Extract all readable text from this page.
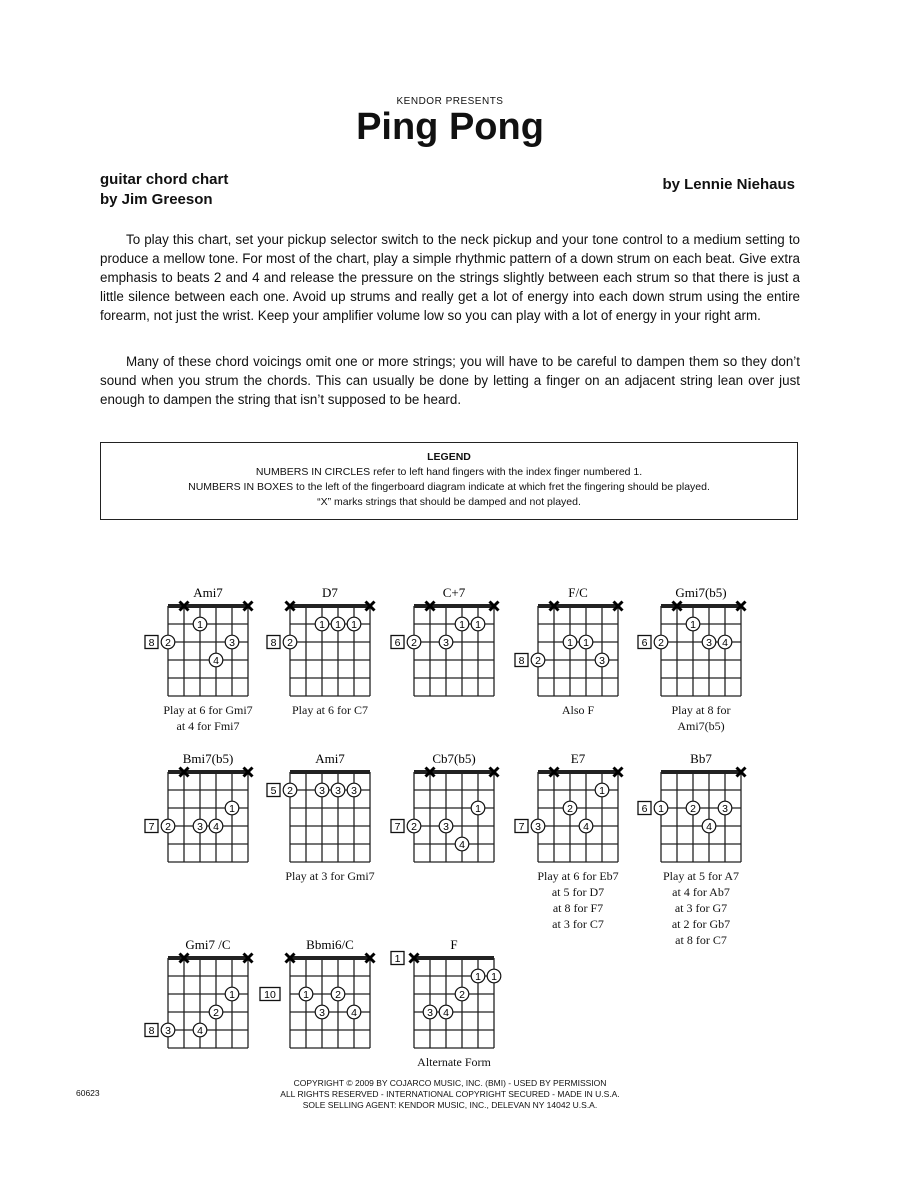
KENDOR PRESENTS
Ping Pong
guitar chord chart
by Jim Greeson
by Lennie Niehaus
To play this chart, set your pickup selector switch to the neck pickup and your tone control to a medium setting to produce a mellow tone. For most of the chart, play a simple rhythmic pattern of a down strum on each beat. Give extra emphasis to beats 2 and 4 and release the pressure on the strings slightly between each strum so that there is just a little silence between each one. Avoid up strums and really get a lot of energy into each down strum using the entire forearm, not just the wrist. Keep your amplifier volume low so you can play with a lot of energy in your right arm.
Many of these chord voicings omit one or more strings; you will have to be careful to dampen them so they don’t sound when you strum the chords. This can usually be done by letting a finger on an adjacent string lean over just enough to dampen the string that isn’t supposed to be heard.
LEGEND
NUMBERS IN CIRCLES refer to left hand fingers with the index finger numbered 1.
NUMBERS IN BOXES to the left of the fingerboard diagram indicate at which fret the fingering should be played.
“X” marks strings that should be damped and not played.
2
1
4
3
8
Ami7
Play at 6 for Gmi7
at 4 for Fmi7
2
1 1 1
8
D7
Play at 6 for C7
2 3
1 1
6
C+7
2
1 1
3
8
F/C
Also F
2
1
3 4
6
Gmi7(b5)
Play at 8 for
Ami7(b5)
2 3 4
1
7
Bmi7(b5)
2 3 3 3
5
Ami7
Play at 3 for Gmi7
2 3
4
1
7
Cb7(b5)
3
2
4
1
7
E7
Play at 6 for Eb7
at 5 for D7
at 8 for F7
at 3 for C7
1 2
4
3
6
Bb7
Play at 5 for A7
at 4 for Ab7
at 3 for G7
at 2 for Gb7
at 8 for C7
3 4
2
1
8
Gmi7 /C
1
3
2
4
10
Bbmi6/C
3 4
2
1 1
1
F
Alternate Form
COPYRIGHT © 2009 BY COJARCO MUSIC, INC. (BMI) - USED BY PERMISSION
ALL RIGHTS RESERVED - INTERNATIONAL COPYRIGHT SECURED - MADE IN U.S.A.
SOLE SELLING AGENT: KENDOR MUSIC, INC., DELEVAN NY 14042 U.S.A.
60623
